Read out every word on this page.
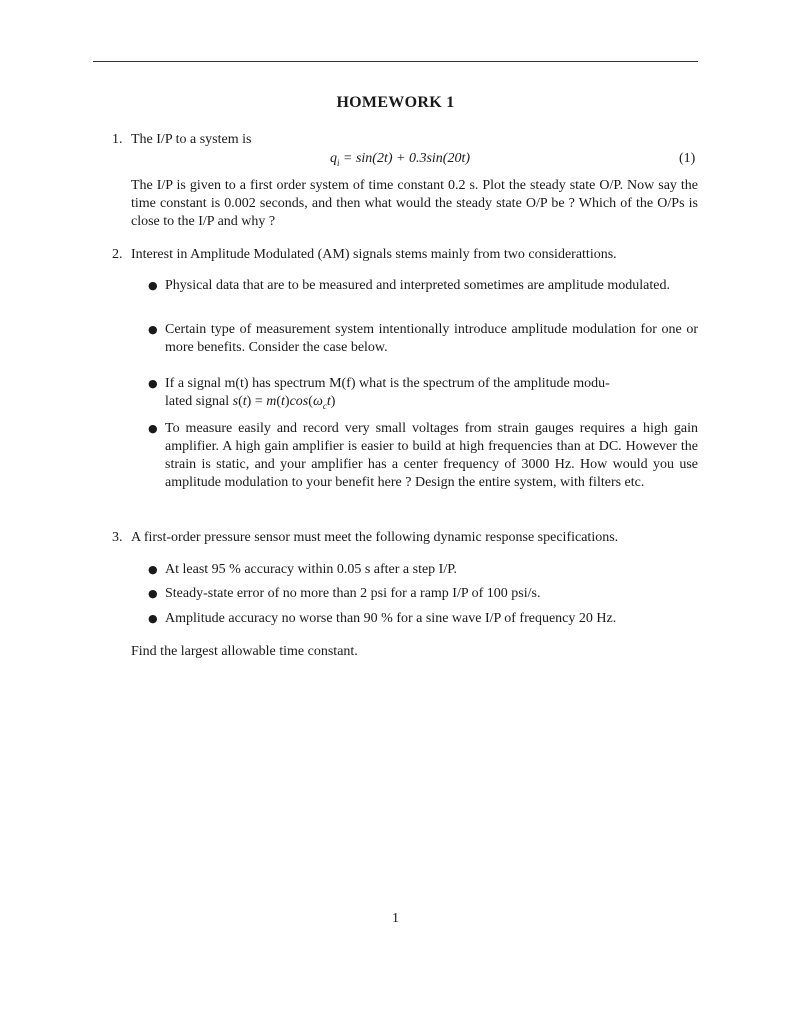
HOMEWORK 1
1. The I/P to a system is
$q_i = \sin(2t) + 0.3\sin(20t)$	(1)
The I/P is given to a first order system of time constant 0.2 s. Plot the steady state O/P. Now say the time constant is 0.002 seconds, and then what would the steady state O/P be ? Which of the O/Ps is close to the I/P and why ?
2. Interest in Amplitude Modulated (AM) signals stems mainly from two considerattions.
● Physical data that are to be measured and interpreted sometimes are amplitude modulated.
● Certain type of measurement system intentionally introduce amplitude modulation for one or more benefits. Consider the case below.
● If a signal m(t) has spectrum M(f) what is the spectrum of the amplitude modu-
lated signal $s(t) = m(t)\cos(\omega_ct)$
● To measure easily and record very small voltages from strain gauges requires a high gain amplifier. A high gain amplifier is easier to build at high frequencies than at DC. However the strain is static, and your amplifier has a center frequency of 3000 Hz. How would you use amplitude modulation to your benefit here ? Design the entire system, with filters etc.
3. A first-order pressure sensor must meet the following dynamic response specifications.
● At least 95 % accuracy within 0.05 s after a step I/P.
● Steady-state error of no more than 2 psi for a ramp I/P of 100 psi/s.
● Amplitude accuracy no worse than 90 % for a sine wave I/P of frequency 20 Hz.
Find the largest allowable time constant.
1
